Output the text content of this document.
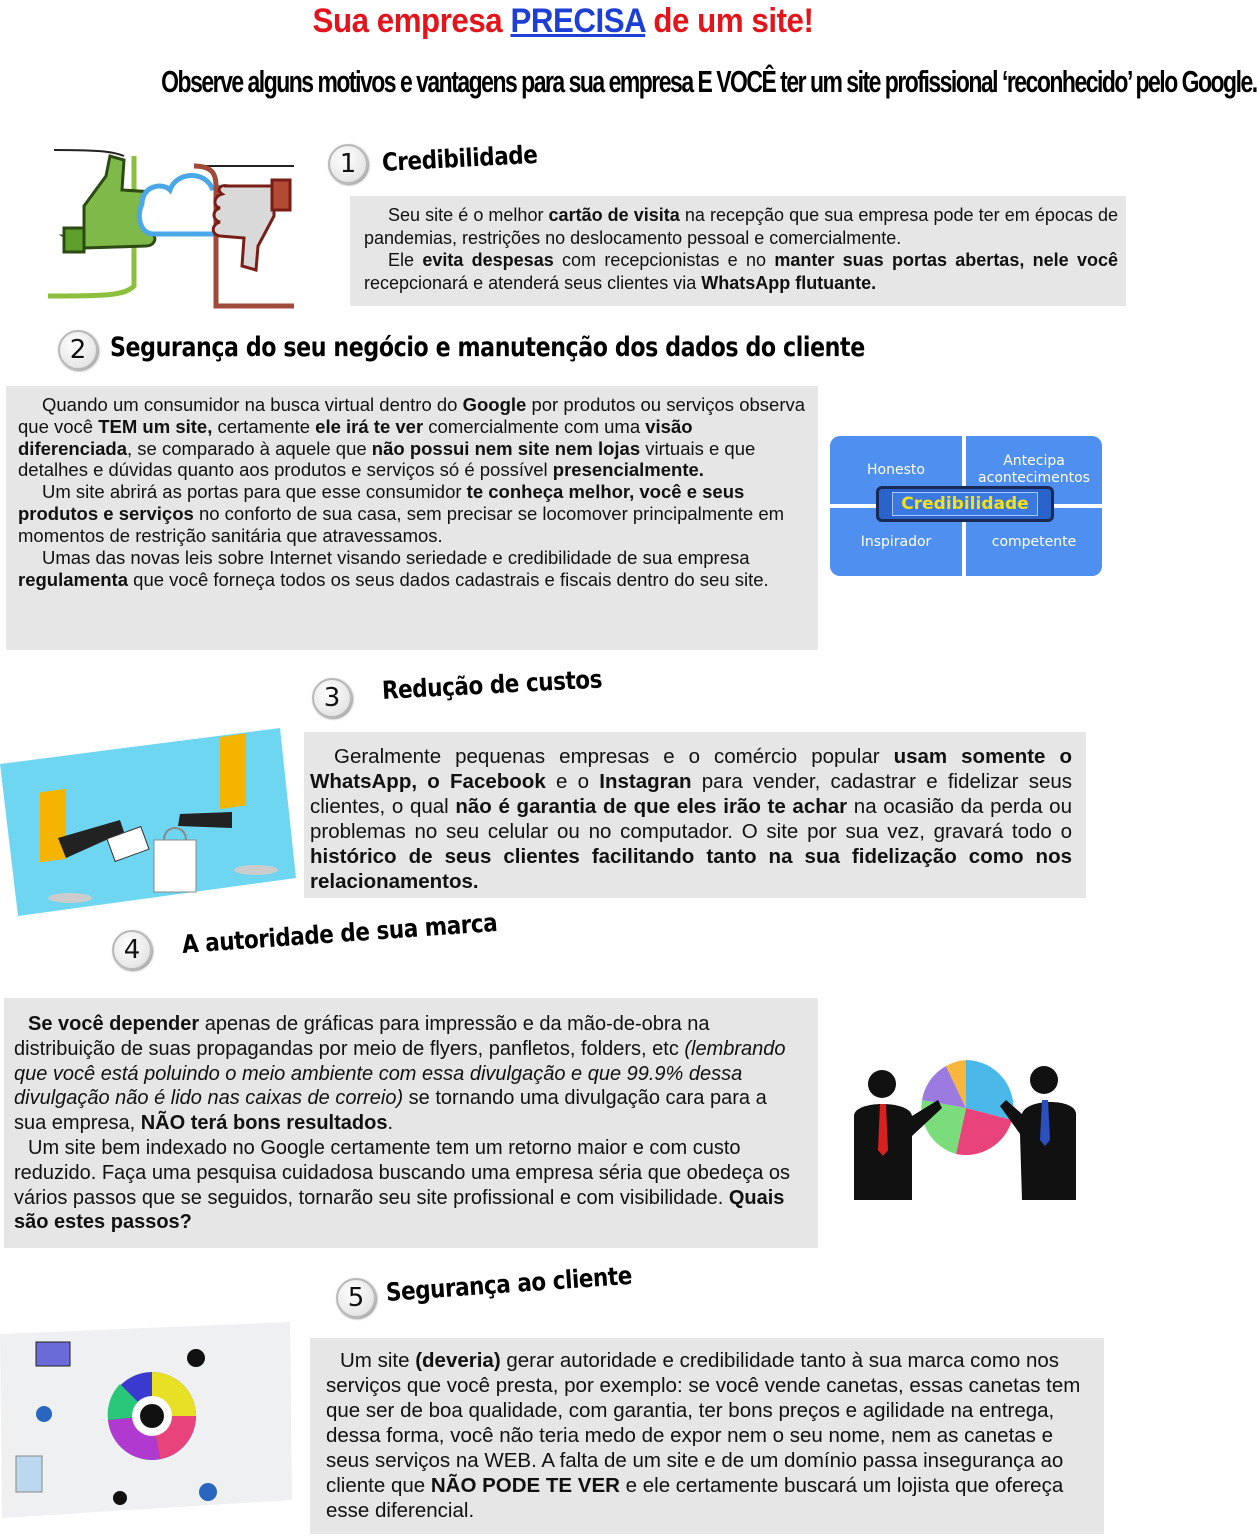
Sua empresa PRECISA de um site!
Observe alguns motivos e vantagens para sua empresa E VOCÊ ter um site profissional ‘reconhecido’ pelo Google.
1 Credibilidade

Seu site é o melhor cartão de visita na recepção que sua empresa pode ter em épocas de pandemias, restrições no deslocamento pessoal e comercialmente.

Ele evita despesas com recepcionistas e no manter suas portas abertas, nele você recepcionará e atenderá seus clientes via WhatsApp flutuante.

2 Segurança do seu negócio e manutenção dos dados do cliente

Quando um consumidor na busca virtual dentro do Google por produtos ou serviços observa que você TEM um site, certamente ele irá te ver comercialmente com uma visão diferenciada, se comparado à aquele que não possui nem site nem lojas virtuais e que detalhes e dúvidas quanto aos produtos e serviços só é possível presencialmente.

Um site abrirá as portas para que esse consumidor te conheça melhor, você e seus produtos e serviços no conforto de sua casa, sem precisar se locomover principalmente em momentos de restrição sanitária que atravessamos.

Umas das novas leis sobre Internet visando seriedade e credibilidade de sua empresa regulamenta que você forneça todos os seus dados cadastrais e fiscais dentro do seu site.

Honesto
Antecipa acontecimentos
Inspirador	competente
Credibilidade
3	Redução de custos

Geralmente pequenas empresas e o comércio popular usam somente o WhatsApp, o Facebook e o Instagran para vender, cadastrar e fidelizar seus clientes, o qual não é garantia de que eles irão te achar na ocasião da perda ou problemas no seu celular ou no computador. O site por sua vez, gravará todo o histórico de seus clientes facilitando tanto na sua fidelização como nos relacionamentos.

4	A autoridade de sua marca

Se você depender apenas de gráficas para impressão e da mão-de-obra na distribuição de suas propagandas por meio de flyers, panfletos, folders, etc (lembrando que você está poluindo o meio ambiente com essa divulgação e que 99.9% dessa divulgação não é lido nas caixas de correio) se tornando uma divulgação cara para a sua empresa, NÃO terá bons resultados.

Um site bem indexado no Google certamente tem um retorno maior e com custo reduzido. Faça uma pesquisa cuidadosa buscando uma empresa séria que obedeça os vários passos que se seguidos, tornarão seu site profissional e com visibilidade. Quais são estes passos?

5 Segurança ao cliente

Um site (deveria) gerar autoridade e credibilidade tanto à sua marca como nos serviços que você presta, por exemplo: se você vende canetas, essas canetas tem que ser de boa qualidade, com garantia, ter bons preços e agilidade na entrega, dessa forma, você não teria medo de expor nem o seu nome, nem as canetas e seus serviços na WEB. A falta de um site e de um domínio passa insegurança ao cliente que NÃO PODE TE VER e ele certamente buscará um lojista que ofereça esse diferencial.
